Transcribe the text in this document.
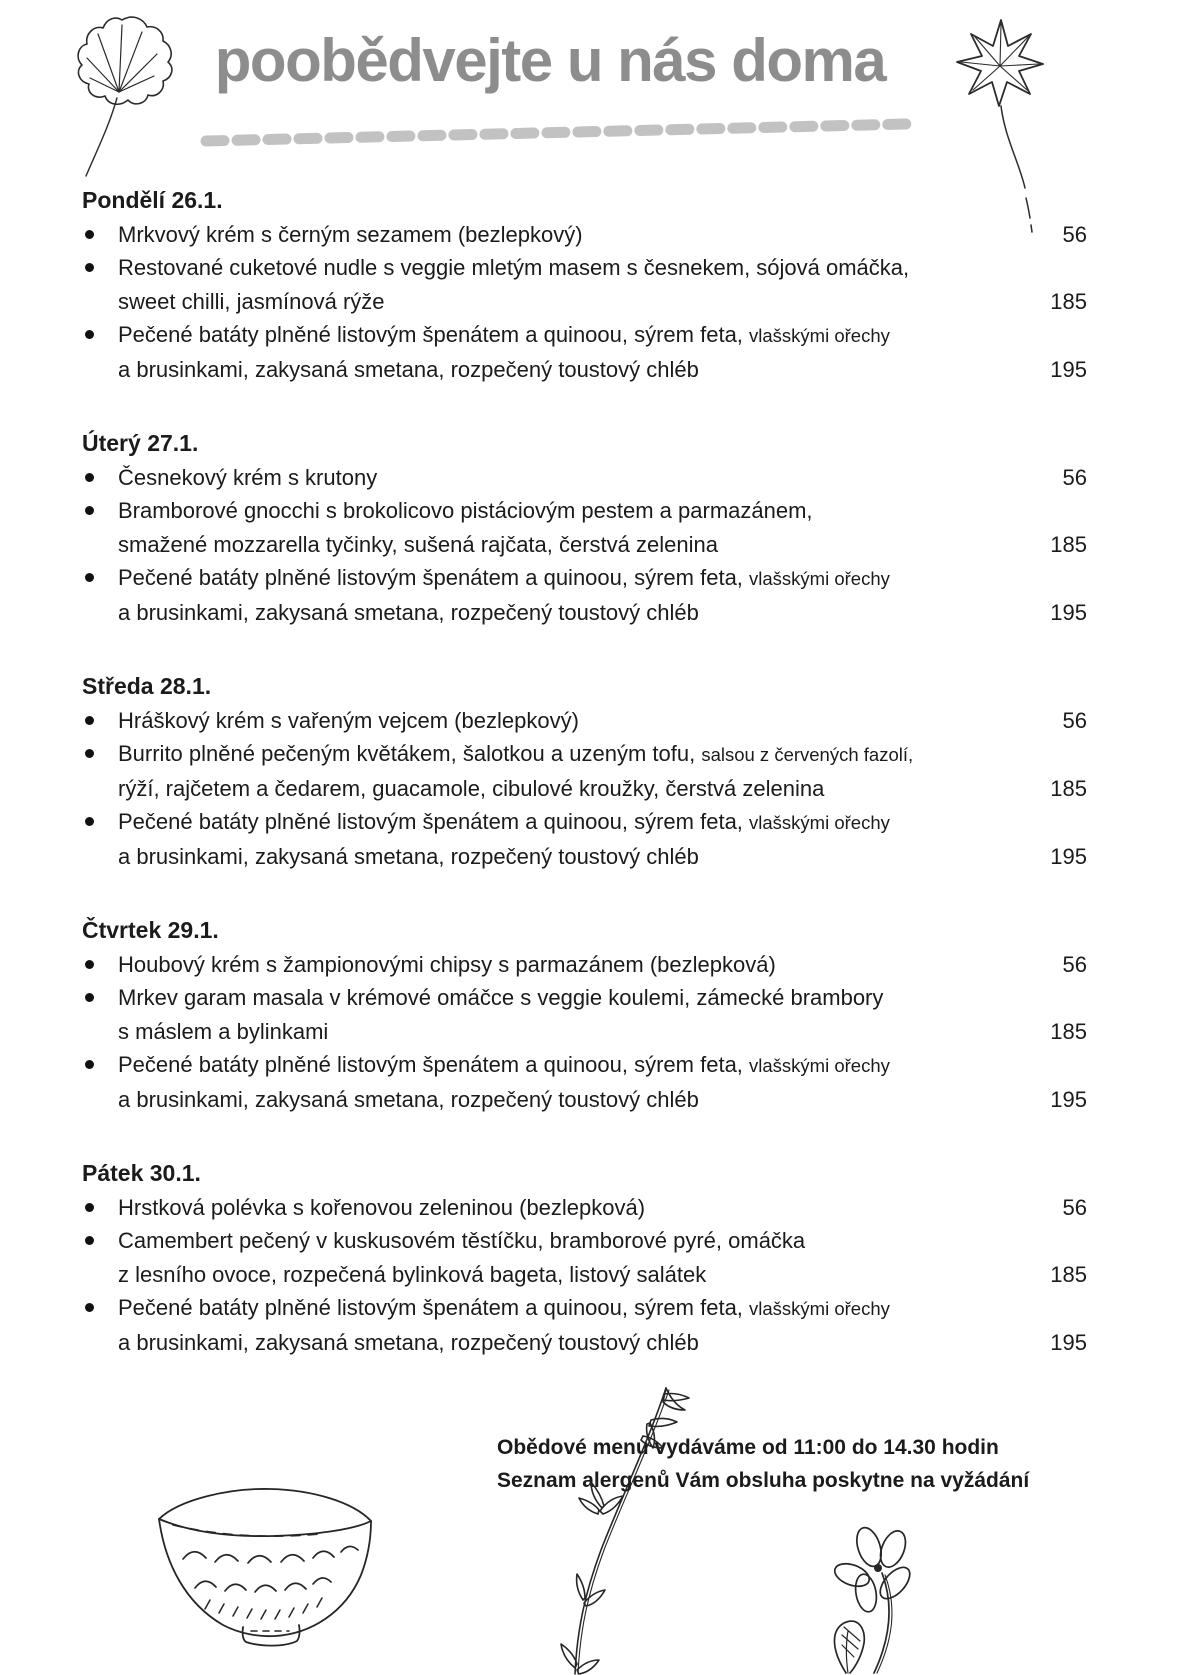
poobědvejte u nás doma
Pondělí 26.1.
Mrkvový krém s černým sezamem (bezlepkový)	56
Restované cuketové nudle s veggie mletým masem s česnekem, sójová omáčka,
sweet chilli, jasmínová rýže	185
Pečené batáty plněné listovým špenátem a quinoou, sýrem feta, vlašskými ořechy
a brusinkami, zakysaná smetana, rozpečený toustový chléb	195
Úterý 27.1.
Česnekový krém s krutony	56
Bramborové gnocchi s brokolicovo pistáciovým pestem a parmazánem,
smažené mozzarella tyčinky, sušená rajčata, čerstvá zelenina	185
Pečené batáty plněné listovým špenátem a quinoou, sýrem feta, vlašskými ořechy
a brusinkami, zakysaná smetana, rozpečený toustový chléb	195
Středa 28.1.
Hráškový krém s vařeným vejcem (bezlepkový)	56
Burrito plněné pečeným květákem, šalotkou a uzeným tofu, salsou z červených fazolí,
rýží, rajčetem a čedarem, guacamole, cibulové kroužky, čerstvá zelenina	185
Pečené batáty plněné listovým špenátem a quinoou, sýrem feta, vlašskými ořechy
a brusinkami, zakysaná smetana, rozpečený toustový chléb	195
Čtvrtek 29.1.
Houbový krém s žampionovými chipsy s parmazánem (bezlepková)	56
Mrkev garam masala v krémové omáčce s veggie koulemi, zámecké brambory
s máslem a bylinkami	185
Pečené batáty plněné listovým špenátem a quinoou, sýrem feta, vlašskými ořechy
a brusinkami, zakysaná smetana, rozpečený toustový chléb	195
Pátek 30.1.
Hrstková polévka s kořenovou zeleninou (bezlepková)	56
Camembert pečený v kuskusovém těstíčku, bramborové pyré, omáčka
z lesního ovoce, rozpečená bylinková bageta, listový salátek	185
Pečené batáty plněné listovým špenátem a quinoou, sýrem feta, vlašskými ořechy
a brusinkami, zakysaná smetana, rozpečený toustový chléb	195
Obědové menu vydáváme od 11:00 do 14.30 hodin
Seznam alergenů Vám obsluha poskytne na vyžádání
